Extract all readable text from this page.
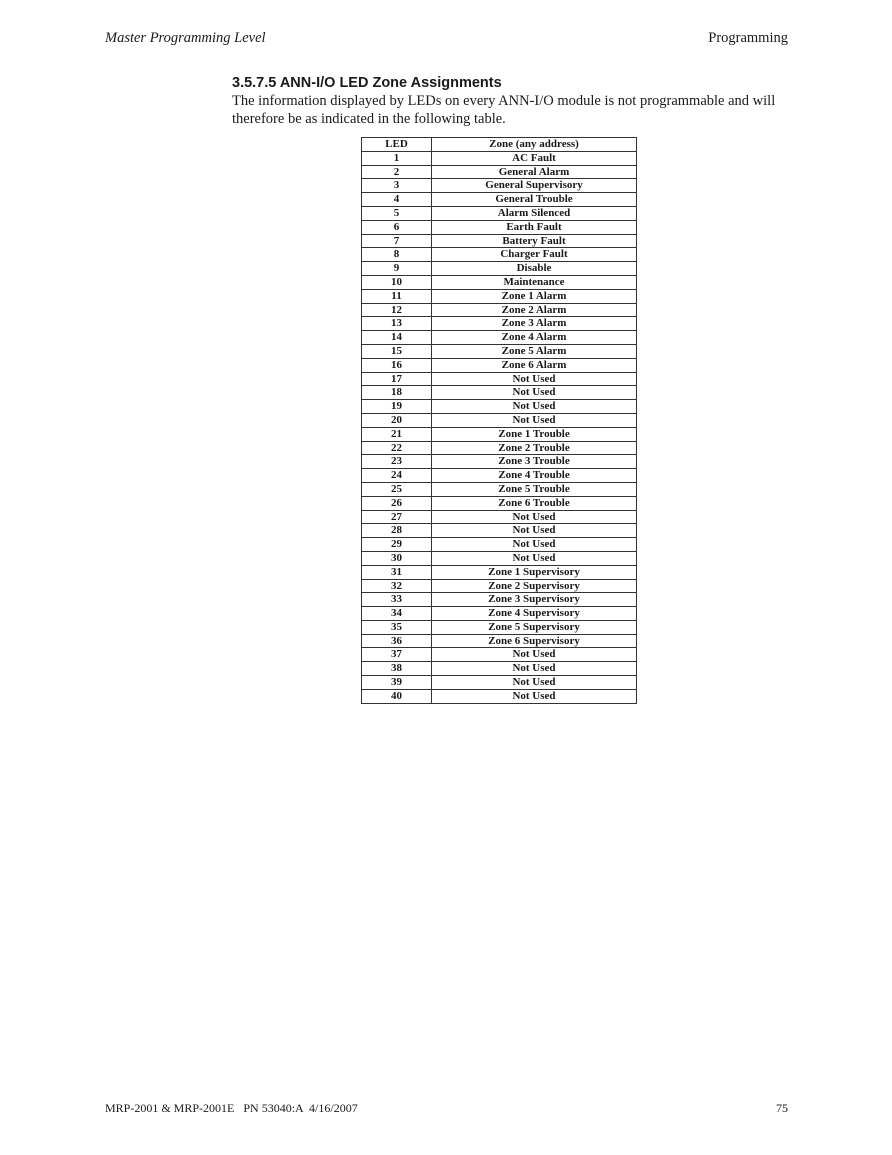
Master Programming Level	Programming
3.5.7.5 ANN-I/O LED Zone Assignments
The information displayed by LEDs on every ANN-I/O module is not programmable and will therefore be as indicated in the following table.
LED	Zone (any address)
1	AC Fault
2	General Alarm
3	General Supervisory
4	General Trouble
5	Alarm Silenced
6	Earth Fault
7	Battery Fault
8	Charger Fault
9	Disable
10	Maintenance
11	Zone 1 Alarm
12	Zone 2 Alarm
13	Zone 3 Alarm
14	Zone 4 Alarm
15	Zone 5 Alarm
16	Zone 6 Alarm
17	Not Used
18	Not Used
19	Not Used
20	Not Used
21	Zone 1 Trouble
22	Zone 2 Trouble
23	Zone 3 Trouble
24	Zone 4 Trouble
25	Zone 5 Trouble
26	Zone 6 Trouble
27	Not Used
28	Not Used
29	Not Used
30	Not Used
31	Zone 1 Supervisory
32	Zone 2 Supervisory
33	Zone 3 Supervisory
34	Zone 4 Supervisory
35	Zone 5 Supervisory
36	Zone 6 Supervisory
37	Not Used
38	Not Used
39	Not Used
40	Not Used
MRP-2001 & MRP-2001E   PN 53040:A  4/16/2007	75
